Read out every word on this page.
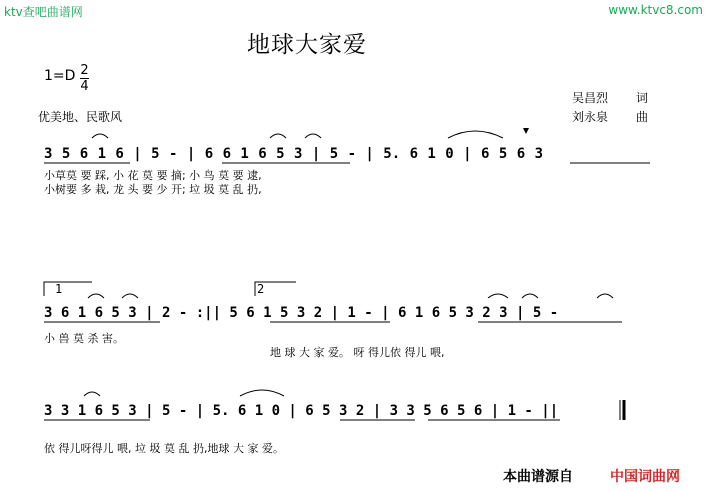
ktv查吧曲谱网	www.ktvc8.com
地球大家爱
1=D 2
4
优美地、民歌风
吴昌烈 词
刘永泉 曲
3 5 6 1 6 | 5 - | 6 6 1 6 5 3 | 5 - | 5. 6 1 0 | 6 5 6 3
小草莫 要 踩, 小 花 莫 要 摘; 小 鸟 莫 要 逮,
小树要 多 栽, 龙 头 要 少 开; 垃 圾 莫 乱 扔,
1	2
3 6 1 6 5 3 | 2 - :|| 5 6 1 5 3 2 | 1 - | 6 1 6 5 3 2 3 | 5 -
小 兽 莫 杀 害。
地 球 大 家 爱。 呀 得儿依 得儿 喂,
3 3 1 6 5 3 | 5 - | 5. 6 1 0 | 6 5 3 2 | 3 3 5 6 5 6 | 1 - ||
依 得儿呀得儿 喂, 垃 圾 莫 乱 扔,地球 大 家 爱。
本曲谱源自	中国词曲网
